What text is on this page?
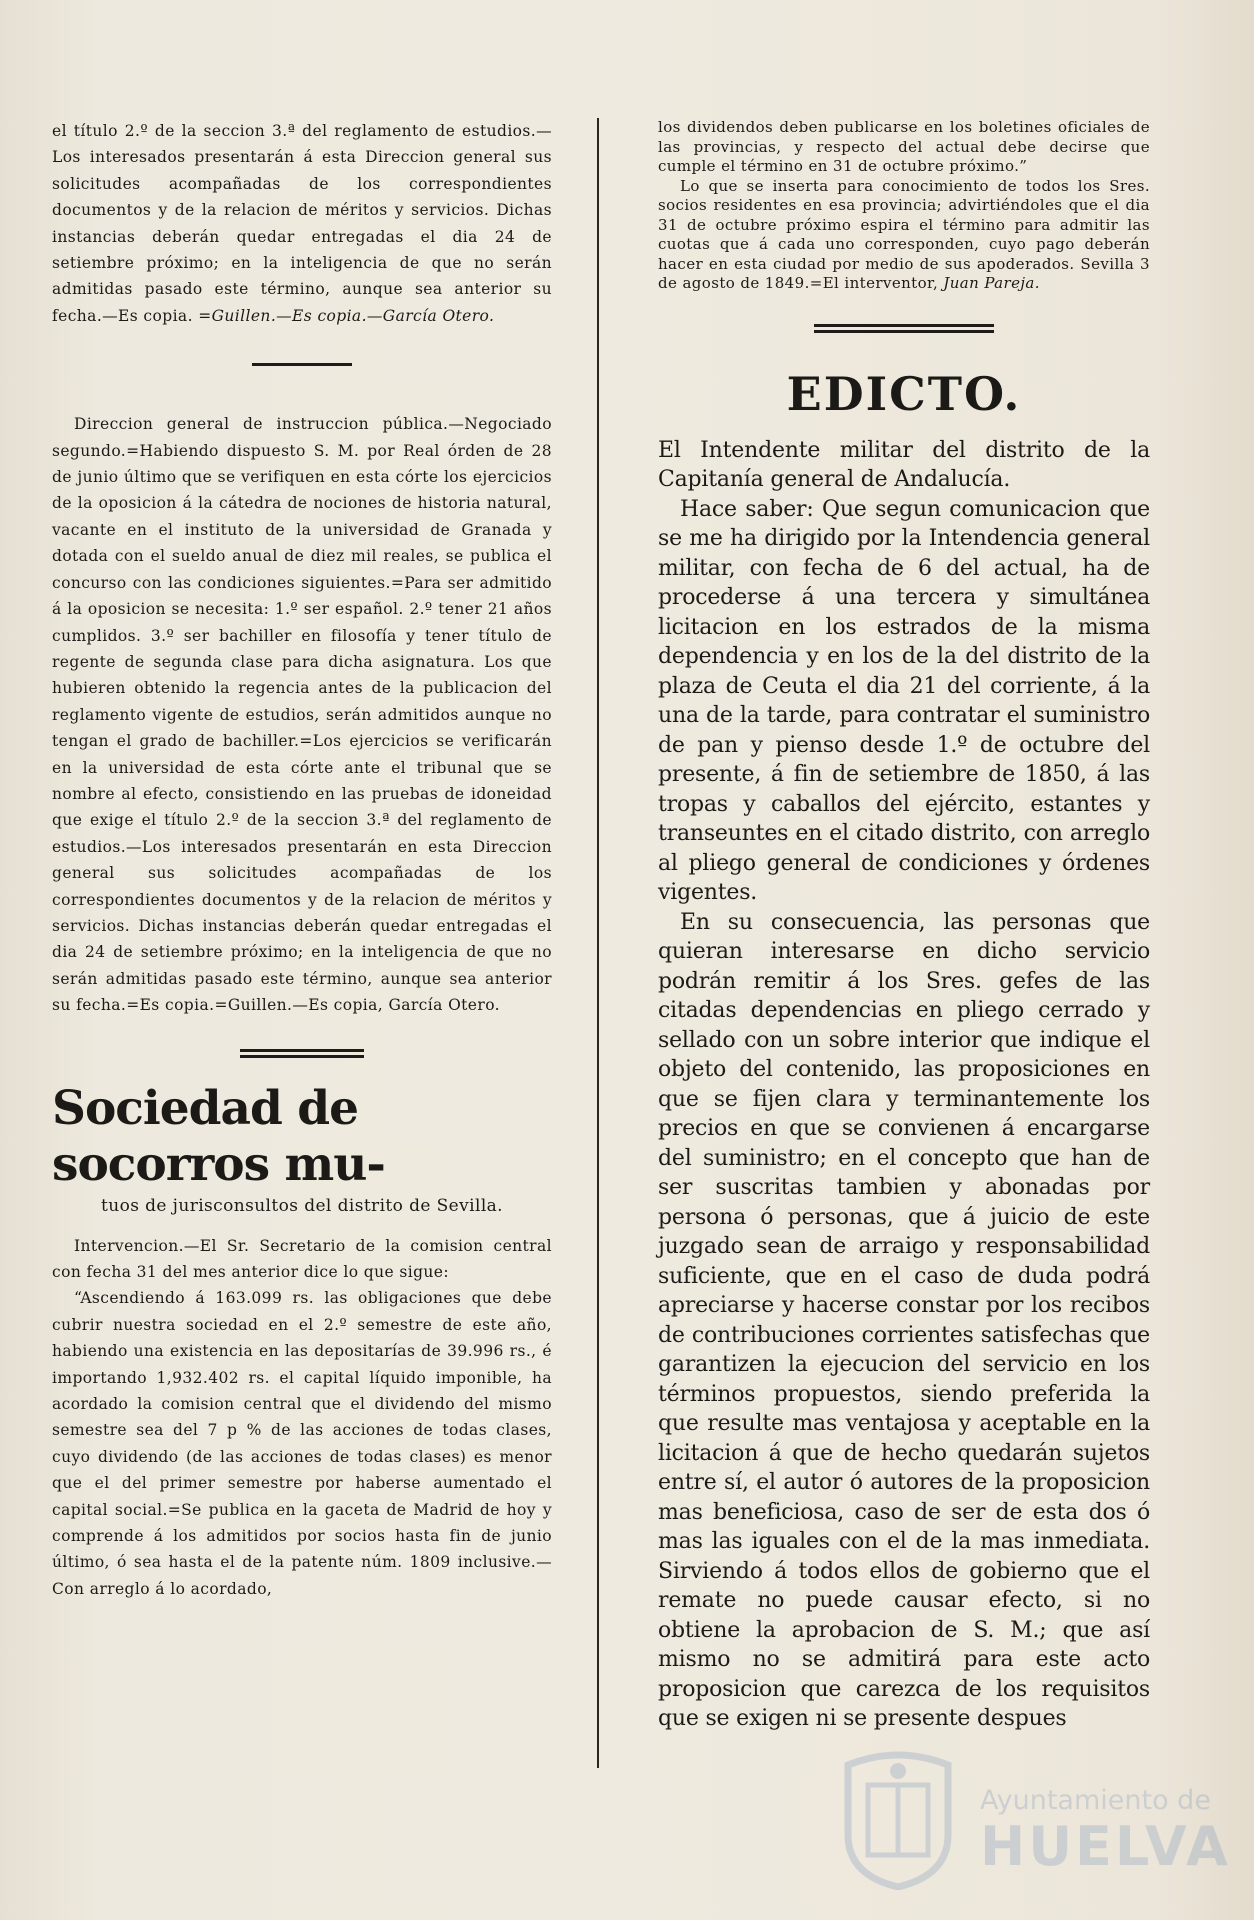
el título 2.º de la seccion 3.ª del reglamento de estudios.—Los interesados presentarán á esta Direccion general sus solicitudes acompañadas de los correspondientes documentos y de la relacion de méritos y servicios. Dichas instancias deberán quedar entregadas el dia 24 de setiembre próximo; en la inteligencia de que no serán admitidas pasado este término, aunque sea anterior su fecha.—Es copia. =Guillen.—Es copia.—García Otero.

Direccion general de instruccion pública.—Negociado segundo.=Habiendo dispuesto S. M. por Real órden de 28 de junio último que se verifiquen en esta córte los ejercicios de la oposicion á la cátedra de nociones de historia natural, vacante en el instituto de la universidad de Granada y dotada con el sueldo anual de diez mil reales, se publica el concurso con las condiciones siguientes.=Para ser admitido á la oposicion se necesita: 1.º ser español. 2.º tener 21 años cumplidos. 3.º ser bachiller en filosofía y tener título de regente de segunda clase para dicha asignatura. Los que hubieren obtenido la regencia antes de la publicacion del reglamento vigente de estudios, serán admitidos aunque no tengan el grado de bachiller.=Los ejercicios se verificarán en la universidad de esta córte ante el tribunal que se nombre al efecto, consistiendo en las pruebas de idoneidad que exige el título 2.º de la seccion 3.ª del reglamento de estudios.—Los interesados presentarán en esta Direccion general sus solicitudes acompañadas de los correspondientes documentos y de la relacion de méritos y servicios. Dichas instancias deberán quedar entregadas el dia 24 de setiembre próximo; en la inteligencia de que no serán admitidas pasado este término, aunque sea anterior su fecha.=Es copia.=Guillen.—Es copia, García Otero.

Sociedad de socorros mu-

tuos de jurisconsultos del distrito de Sevilla.

Intervencion.—El Sr. Secretario de la comision central con fecha 31 del mes anterior dice lo que sigue:

“Ascendiendo á 163.099 rs. las obligaciones que debe cubrir nuestra sociedad en el 2.º semestre de este año, habiendo una existencia en las depositarías de 39.996 rs., é importando 1,932.402 rs. el capital líquido imponible, ha acordado la comision central que el dividendo del mismo semestre sea del 7 p % de las acciones de todas clases, cuyo dividendo (de las acciones de todas clases) es menor que el del primer semestre por haberse aumentado el capital social.=Se publica en la gaceta de Madrid de hoy y comprende á los admitidos por socios hasta fin de junio último, ó sea hasta el de la patente núm. 1809 inclusive.—Con arreglo á lo acordado,

los dividendos deben publicarse en los boletines oficiales de las provincias, y respecto del actual debe decirse que cumple el término en 31 de octubre próximo.”

Lo que se inserta para conocimiento de todos los Sres. socios residentes en esa provincia; advirtiéndoles que el dia 31 de octubre próximo espira el término para admitir las cuotas que á cada uno corresponden, cuyo pago deberán hacer en esta ciudad por medio de sus apoderados. Sevilla 3 de agosto de 1849.=El interventor, Juan Pareja.

EDICTO.

El Intendente militar del distrito de la Capitanía general de Andalucía.

Hace saber: Que segun comunicacion que se me ha dirigido por la Intendencia general militar, con fecha de 6 del actual, ha de procederse á una tercera y simultánea licitacion en los estrados de la misma dependencia y en los de la del distrito de la plaza de Ceuta el dia 21 del corriente, á la una de la tarde, para contratar el suministro de pan y pienso desde 1.º de octubre del presente, á fin de setiembre de 1850, á las tropas y caballos del ejército, estantes y transeuntes en el citado distrito, con arreglo al pliego general de condiciones y órdenes vigentes.

En su consecuencia, las personas que quieran interesarse en dicho servicio podrán remitir á los Sres. gefes de las citadas dependencias en pliego cerrado y sellado con un sobre interior que indique el objeto del contenido, las proposiciones en que se fijen clara y terminantemente los precios en que se convienen á encargarse del suministro; en el concepto que han de ser suscritas tambien y abonadas por persona ó personas, que á juicio de este juzgado sean de arraigo y responsabilidad suficiente, que en el caso de duda podrá apreciarse y hacerse constar por los recibos de contribuciones corrientes satisfechas que garantizen la ejecucion del servicio en los términos propuestos, siendo preferida la que resulte mas ventajosa y aceptable en la licitacion á que de hecho quedarán sujetos entre sí, el autor ó autores de la proposicion mas beneficiosa, caso de ser de esta dos ó mas las iguales con el de la mas inmediata. Sirviendo á todos ellos de gobierno que el remate no puede causar efecto, si no obtiene la aprobacion de S. M.; que así mismo no se admitirá para este acto proposicion que carezca de los requisitos que se exigen ni se presente despues

Ayuntamiento de
HUELVA
